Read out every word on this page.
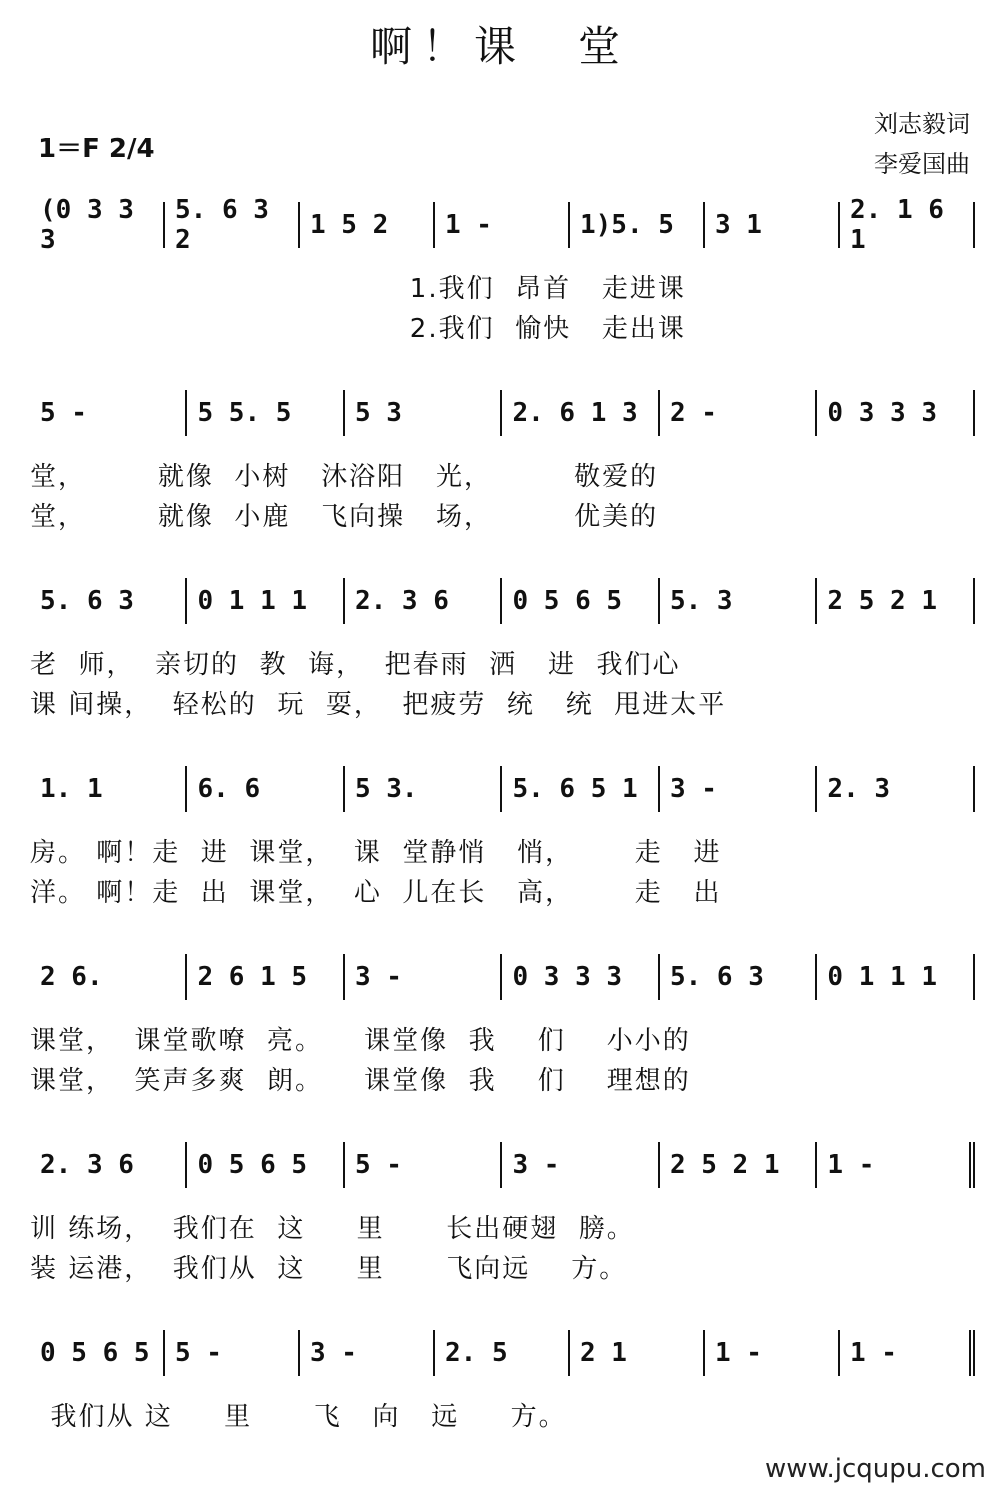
啊！课　堂
1＝F 2/4
刘志毅词
李爱国曲
(0 3 3 3
5. 6 3 2	1 5 2	1 -	1)5. 5	3 1	2. 1 6 1
1.我们  昂首   走进课
2.我们  愉快   走出课
5 -	5 5. 5	5 3	2. 6 1 3	2 -	0 3 3 3
堂，       就像  小树   沐浴阳   光，        敬爱的
堂，       就像  小鹿   飞向操   场，        优美的
5. 6 3	0 1 1 1	2. 3 6	0 5 6 5	5. 3	2 5 2 1
老  师，  亲切的  教  诲，  把春雨  洒   进  我们心
课 间操，  轻松的  玩  耍，  把疲劳  统   统  甩进太平
1. 1	6. 6	5 3.	5. 6 5 1	3 -	2. 3
房。 啊！走  进  课堂，  课  堂静悄   悄，      走   进
洋。 啊！走  出  课堂，  心  儿在长   高，      走   出
2 6.	2 6 1 5	3 -	0 3 3 3	5. 6 3	0 1 1 1
课堂，  课堂歌嘹  亮。    课堂像  我    们    小小的
课堂，  笑声多爽  朗。    课堂像  我    们    理想的
2. 3 6	0 5 6 5	5 -	3 -	2 5 2 1	1 -
训 练场，  我们在  这     里      长出硬翅  膀。
装 运港，  我们从  这     里      飞向远    方。
0 5 6 5 5 -	3 -	2. 5	2 1	1 -	1 -
我们从 这     里      飞   向   远     方。
www.jcqupu.com
